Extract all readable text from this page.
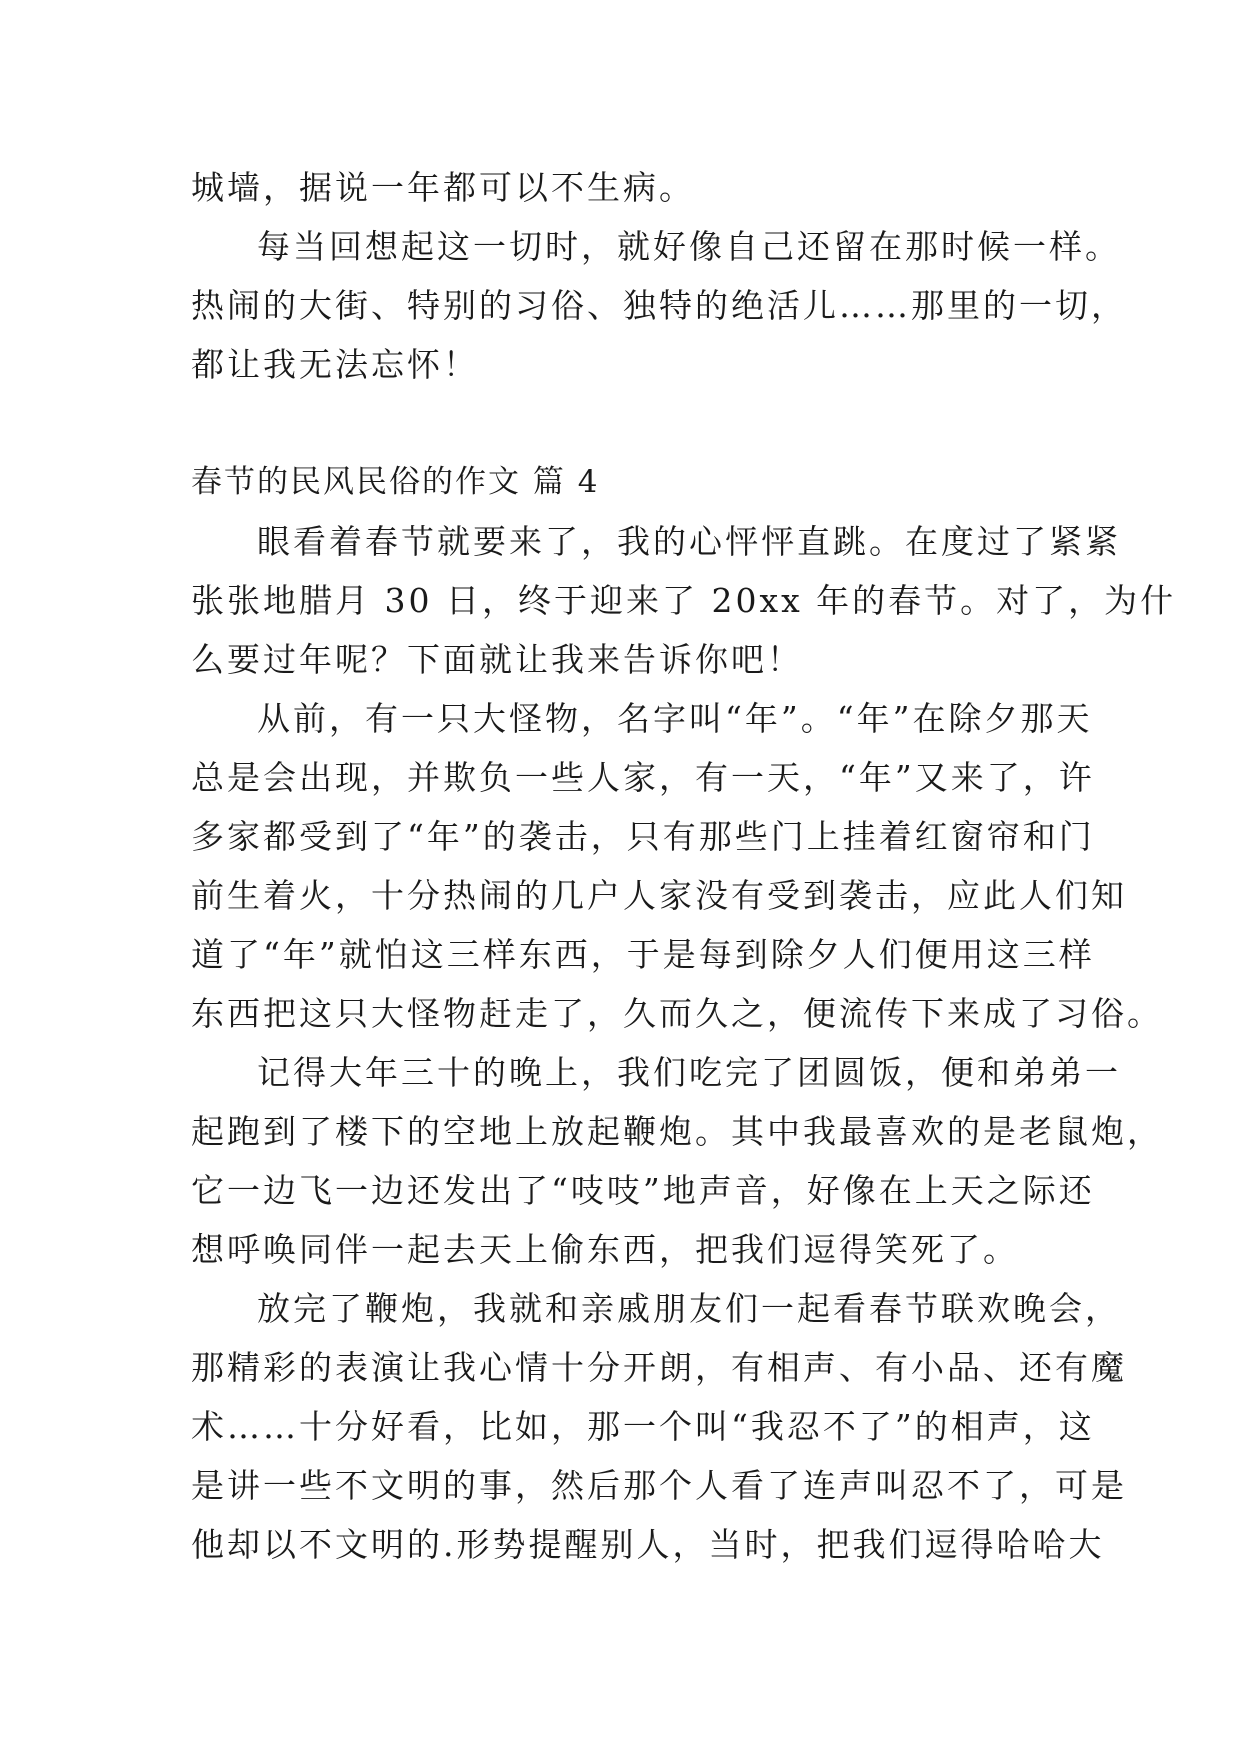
城墙，据说一年都可以不生病。
每当回想起这一切时，就好像自己还留在那时候一样。
热闹的大街、特别的习俗、独特的绝活儿……那里的一切，
都让我无法忘怀！
春节的民风民俗的作文 篇 4
眼看着春节就要来了，我的心怦怦直跳。在度过了紧紧
张张地腊月 30 日，终于迎来了 20xx 年的春节。对了，为什
么要过年呢？下面就让我来告诉你吧！
从前，有一只大怪物，名字叫“年”。“年”在除夕那天
总是会出现，并欺负一些人家，有一天，“年”又来了，许
多家都受到了“年”的袭击，只有那些门上挂着红窗帘和门
前生着火，十分热闹的几户人家没有受到袭击，应此人们知
道了“年”就怕这三样东西，于是每到除夕人们便用这三样
东西把这只大怪物赶走了，久而久之，便流传下来成了习俗。
记得大年三十的晚上，我们吃完了团圆饭，便和弟弟一
起跑到了楼下的空地上放起鞭炮。其中我最喜欢的是老鼠炮，
它一边飞一边还发出了“吱吱”地声音，好像在上天之际还
想呼唤同伴一起去天上偷东西，把我们逗得笑死了。
放完了鞭炮，我就和亲戚朋友们一起看春节联欢晚会，
那精彩的表演让我心情十分开朗，有相声、有小品、还有魔
术……十分好看，比如，那一个叫“我忍不了”的相声，这
是讲一些不文明的事，然后那个人看了连声叫忍不了，可是
他却以不文明的.形势提醒别人，当时，把我们逗得哈哈大
